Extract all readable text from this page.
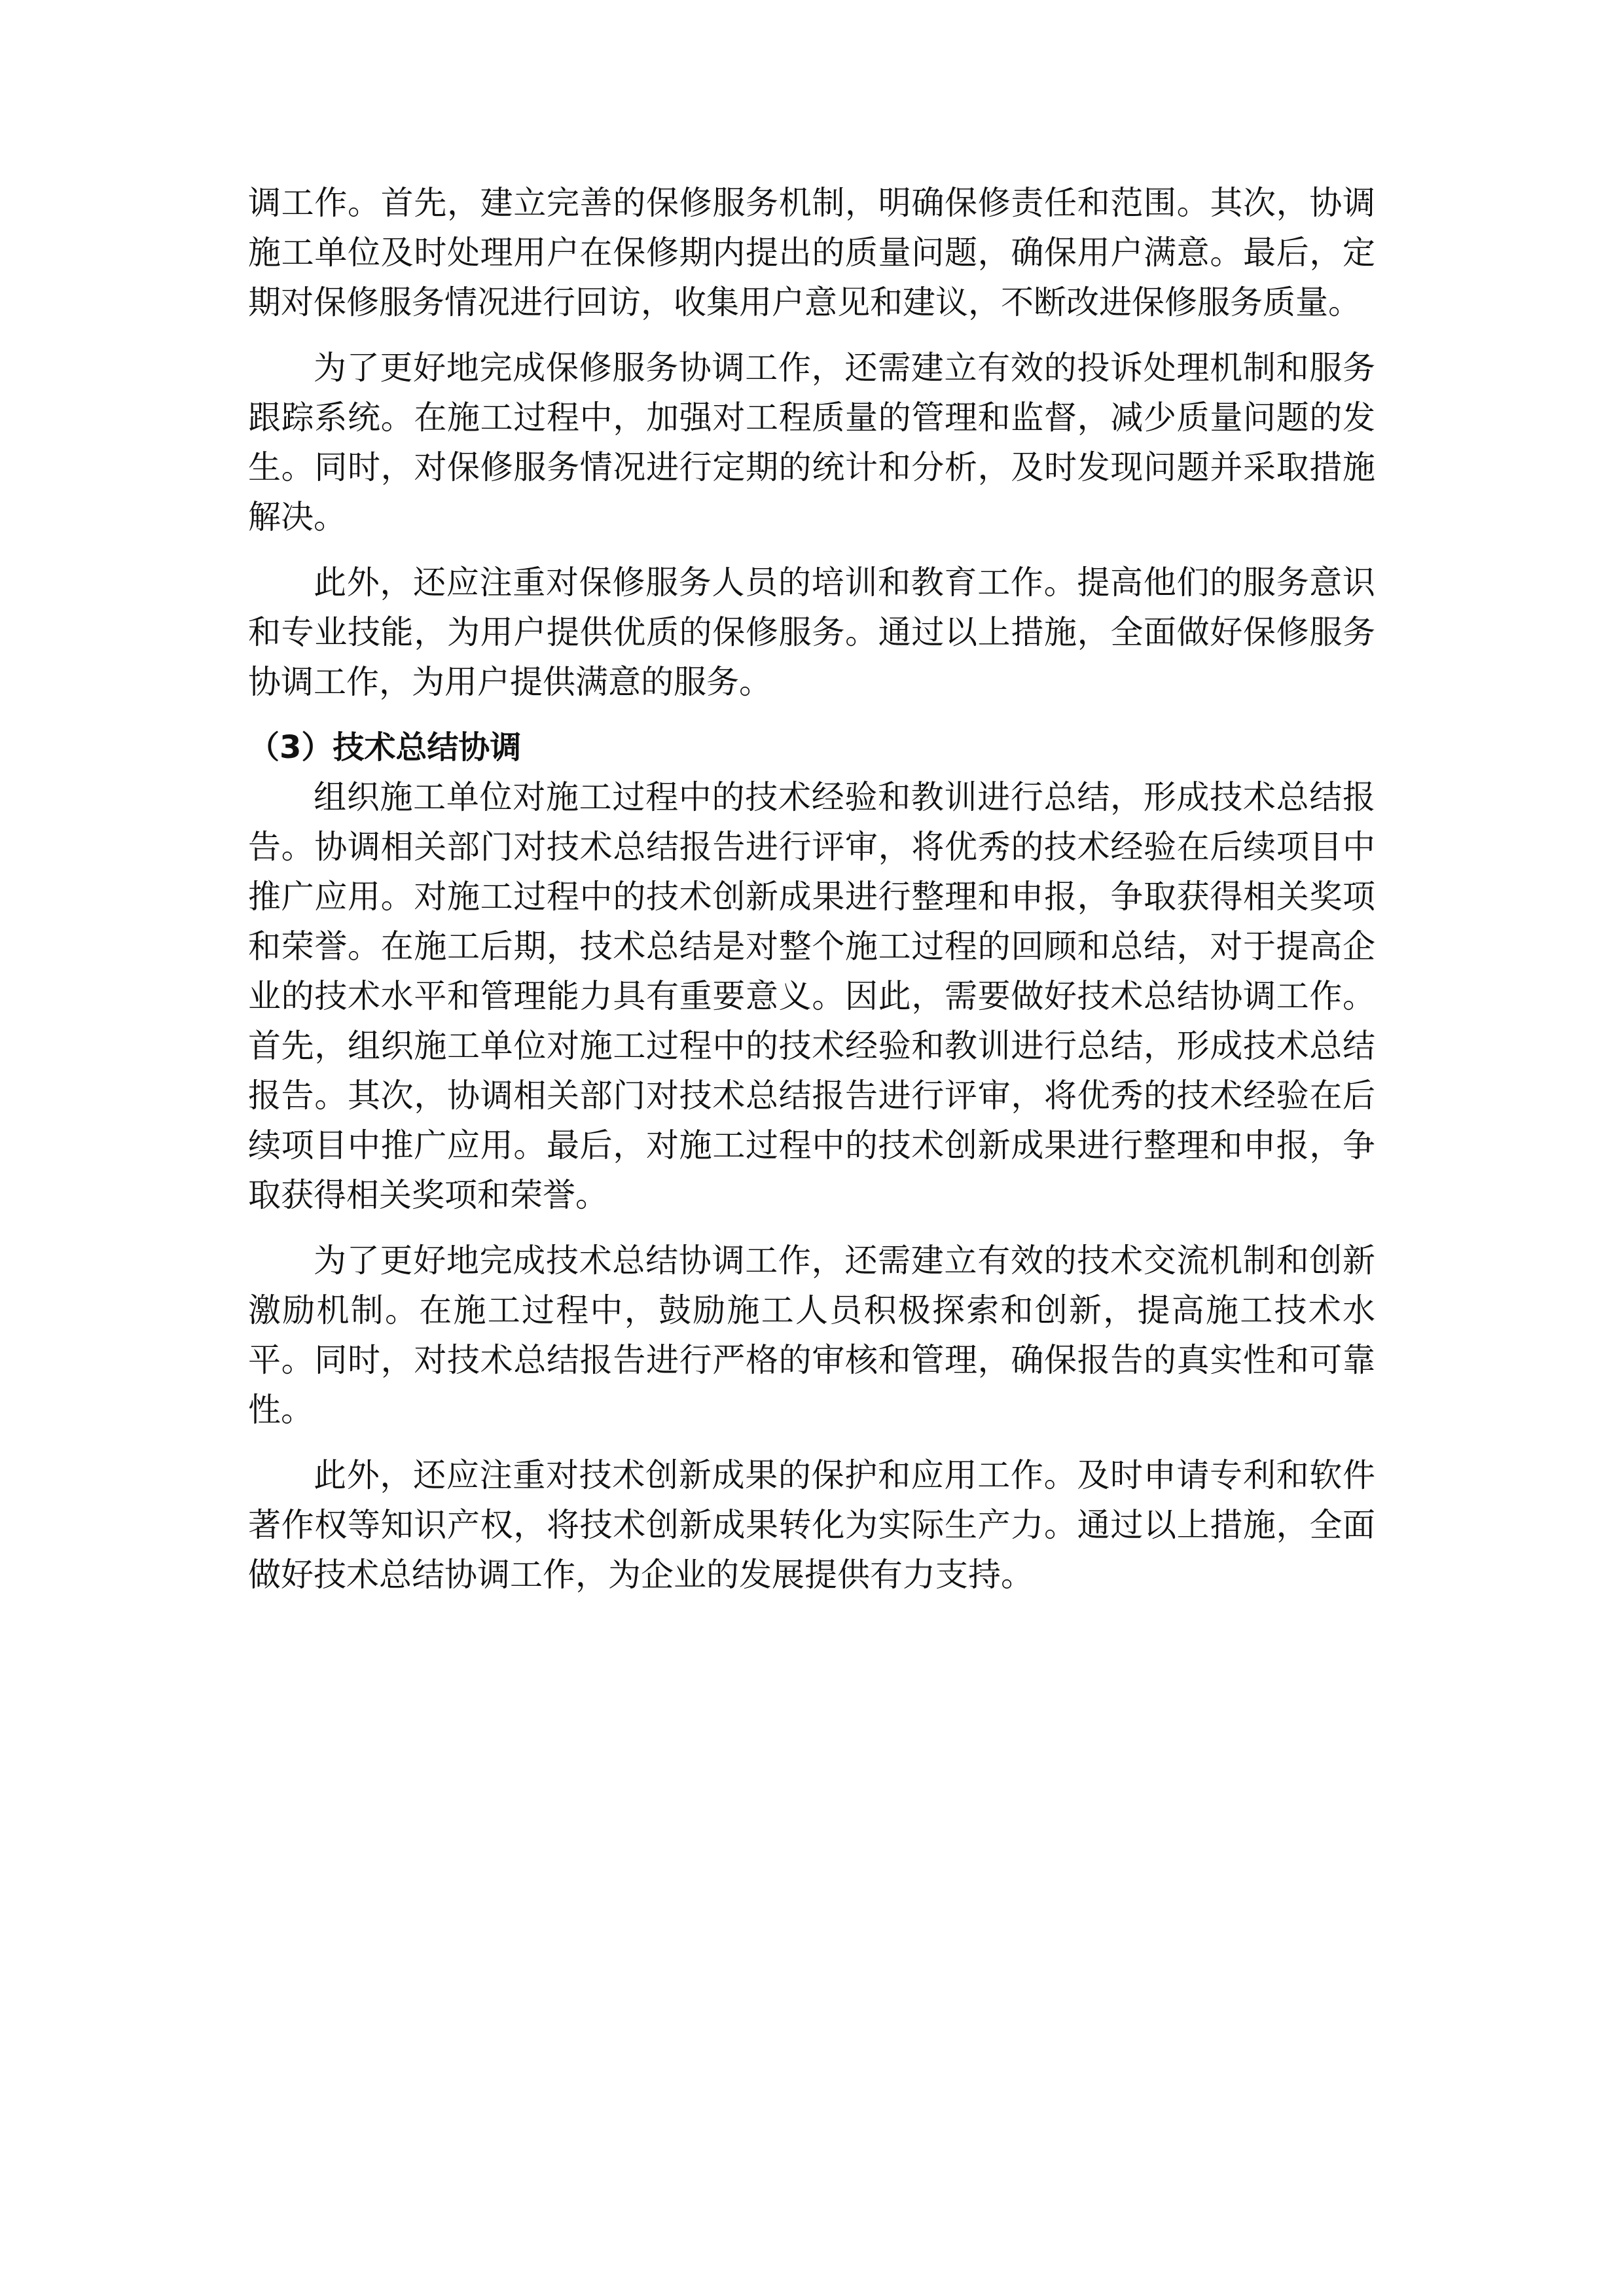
调工作。首先，建立完善的保修服务机制，明确保修责任和范围。其次，协调施工单位及时处理用户在保修期内提出的质量问题，确保用户满意。最后，定期对保修服务情况进行回访，收集用户意见和建议，不断改进保修服务质量。

为了更好地完成保修服务协调工作，还需建立有效的投诉处理机制和服务跟踪系统。在施工过程中，加强对工程质量的管理和监督，减少质量问题的发生。同时，对保修服务情况进行定期的统计和分析，及时发现问题并采取措施解决。

此外，还应注重对保修服务人员的培训和教育工作。提高他们的服务意识和专业技能，为用户提供优质的保修服务。通过以上措施，全面做好保修服务协调工作，为用户提供满意的服务。

（3）技术总结协调

组织施工单位对施工过程中的技术经验和教训进行总结，形成技术总结报告。协调相关部门对技术总结报告进行评审，将优秀的技术经验在后续项目中推广应用。对施工过程中的技术创新成果进行整理和申报，争取获得相关奖项和荣誉。在施工后期，技术总结是对整个施工过程的回顾和总结，对于提高企业的技术水平和管理能力具有重要意义。因此，需要做好技术总结协调工作。首先，组织施工单位对施工过程中的技术经验和教训进行总结，形成技术总结报告。其次，协调相关部门对技术总结报告进行评审，将优秀的技术经验在后续项目中推广应用。最后，对施工过程中的技术创新成果进行整理和申报，争取获得相关奖项和荣誉。

为了更好地完成技术总结协调工作，还需建立有效的技术交流机制和创新激励机制。在施工过程中，鼓励施工人员积极探索和创新，提高施工技术水平。同时，对技术总结报告进行严格的审核和管理，确保报告的真实性和可靠性。

此外，还应注重对技术创新成果的保护和应用工作。及时申请专利和软件著作权等知识产权，将技术创新成果转化为实际生产力。通过以上措施，全面做好技术总结协调工作，为企业的发展提供有力支持。
